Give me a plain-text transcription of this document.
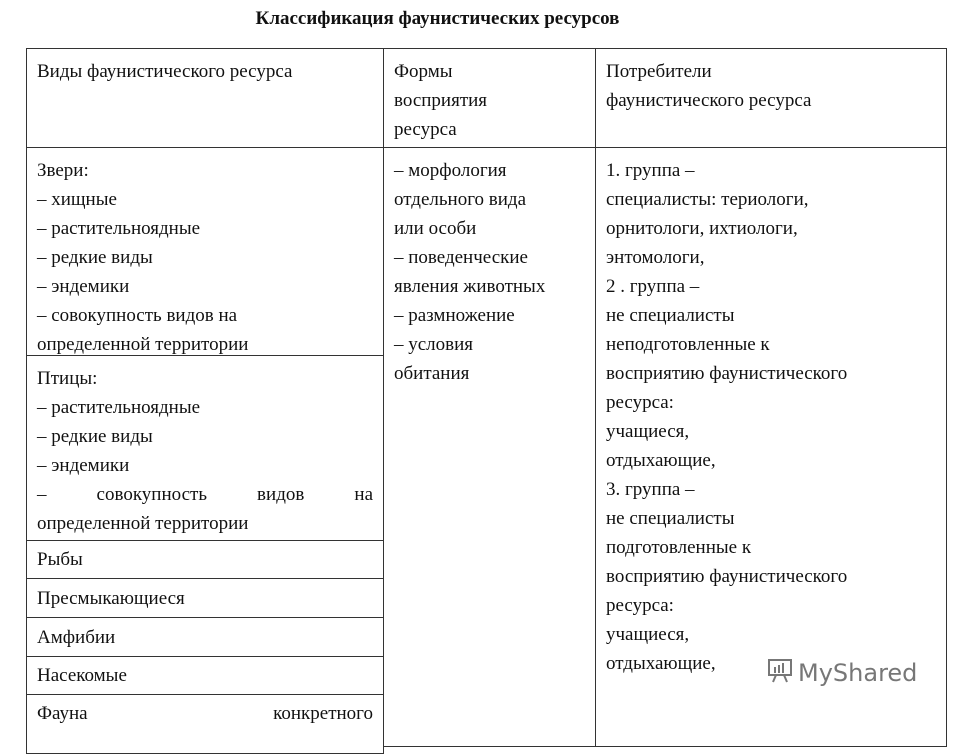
Классификация фаунистических ресурсов
Виды фаунистического ресурса	Формы
восприятия
ресурса
Потребители
фаунистического ресурса
Звери:
– хищные
– растительноядные
– редкие виды
– эндемики
– совокупность видов на
определенной территории
Птицы:
– растительноядные
– редкие виды
– эндемики
– совокупность видов на
определенной территории
Рыбы
Пресмыкающиеся
Амфибии
Насекомые
Фауна конкретного
– морфология
отдельного вида
или особи
– поведенческие
явления животных
– размножение
– условия
обитания
1. группа –
специалисты: териологи,
орнитологи, ихтиологи,
энтомологи,
2 . группа –
не специалисты
неподготовленные к
восприятию фаунистического
ресурса:
учащиеся,
отдыхающие,
3. группа –
не специалисты
подготовленные к
восприятию фаунистического
ресурса:
учащиеся,
отдыхающие,	MyShared
